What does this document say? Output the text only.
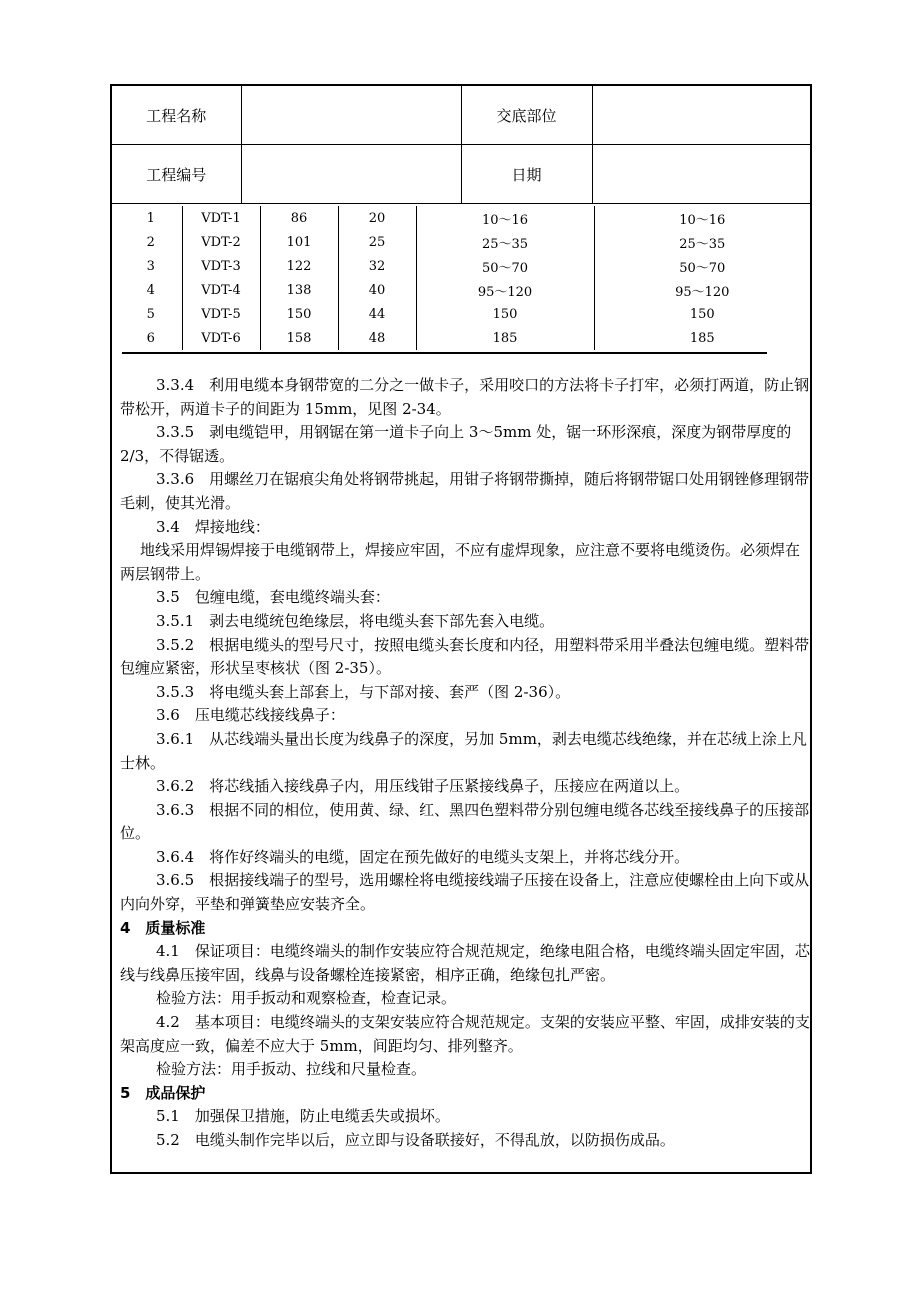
工程名称		交底部位	
工程编号		日期	
1	VDT-1	86	20	10～16	10～16
2	VDT-2	101	25	25～35	25～35
3	VDT-3	122	32	50～70	50～70
4	VDT-4	138	40	95～120	95～120
5	VDT-5	150	44	150	150
6	VDT-6	158	48	185	185

3.3.4　利用电缆本身钢带宽的二分之一做卡子，采用咬口的方法将卡子打牢，必须打两道，防止钢带松开，两道卡子的间距为 15mm，见图 2-34。

3.3.5　剥电缆铠甲，用钢锯在第一道卡子向上 3～5mm 处，锯一环形深痕，深度为钢带厚度的 2/3，不得锯透。

3.3.6　用螺丝刀在锯痕尖角处将钢带挑起，用钳子将钢带撕掉，随后将钢带锯口处用钢锉修理钢带毛刺，使其光滑。

3.4　焊接地线：

地线采用焊锡焊接于电缆钢带上，焊接应牢固，不应有虚焊现象，应注意不要将电缆烫伤。必须焊在两层钢带上。

3.5　包缠电缆，套电缆终端头套：

3.5.1　剥去电缆统包绝缘层，将电缆头套下部先套入电缆。

3.5.2　根据电缆头的型号尺寸，按照电缆头套长度和内径，用塑料带采用半叠法包缠电缆。塑料带包缠应紧密，形状呈枣核状（图 2-35）。

3.5.3　将电缆头套上部套上，与下部对接、套严（图 2-36）。

3.6　压电缆芯线接线鼻子：

3.6.1　从芯线端头量出长度为线鼻子的深度，另加 5mm，剥去电缆芯线绝缘，并在芯绒上涂上凡士林。

3.6.2　将芯线插入接线鼻子内，用压线钳子压紧接线鼻子，压接应在两道以上。

3.6.3　根据不同的相位，使用黄、绿、红、黑四色塑料带分别包缠电缆各芯线至接线鼻子的压接部位。

3.6.4　将作好终端头的电缆，固定在预先做好的电缆头支架上，并将芯线分开。

3.6.5　根据接线端子的型号，选用螺栓将电缆接线端子压接在设备上，注意应使螺栓由上向下或从内向外穿，平垫和弹簧垫应安装齐全。

4　质量标准

4.1　保证项目：电缆终端头的制作安装应符合规范规定，绝缘电阻合格，电缆终端头固定牢固，芯线与线鼻压接牢固，线鼻与设备螺栓连接紧密，相序正确，绝缘包扎严密。

检验方法：用手扳动和观察检查，检查记录。

4.2　基本项目：电缆终端头的支架安装应符合规范规定。支架的安装应平整、牢固，成排安装的支架高度应一致，偏差不应大于 5mm，间距均匀、排列整齐。

检验方法：用手扳动、拉线和尺量检查。

5　成品保护

5.1　加强保卫措施，防止电缆丢失或损坏。

5.2　电缆头制作完毕以后，应立即与设备联接好，不得乱放，以防损伤成品。
